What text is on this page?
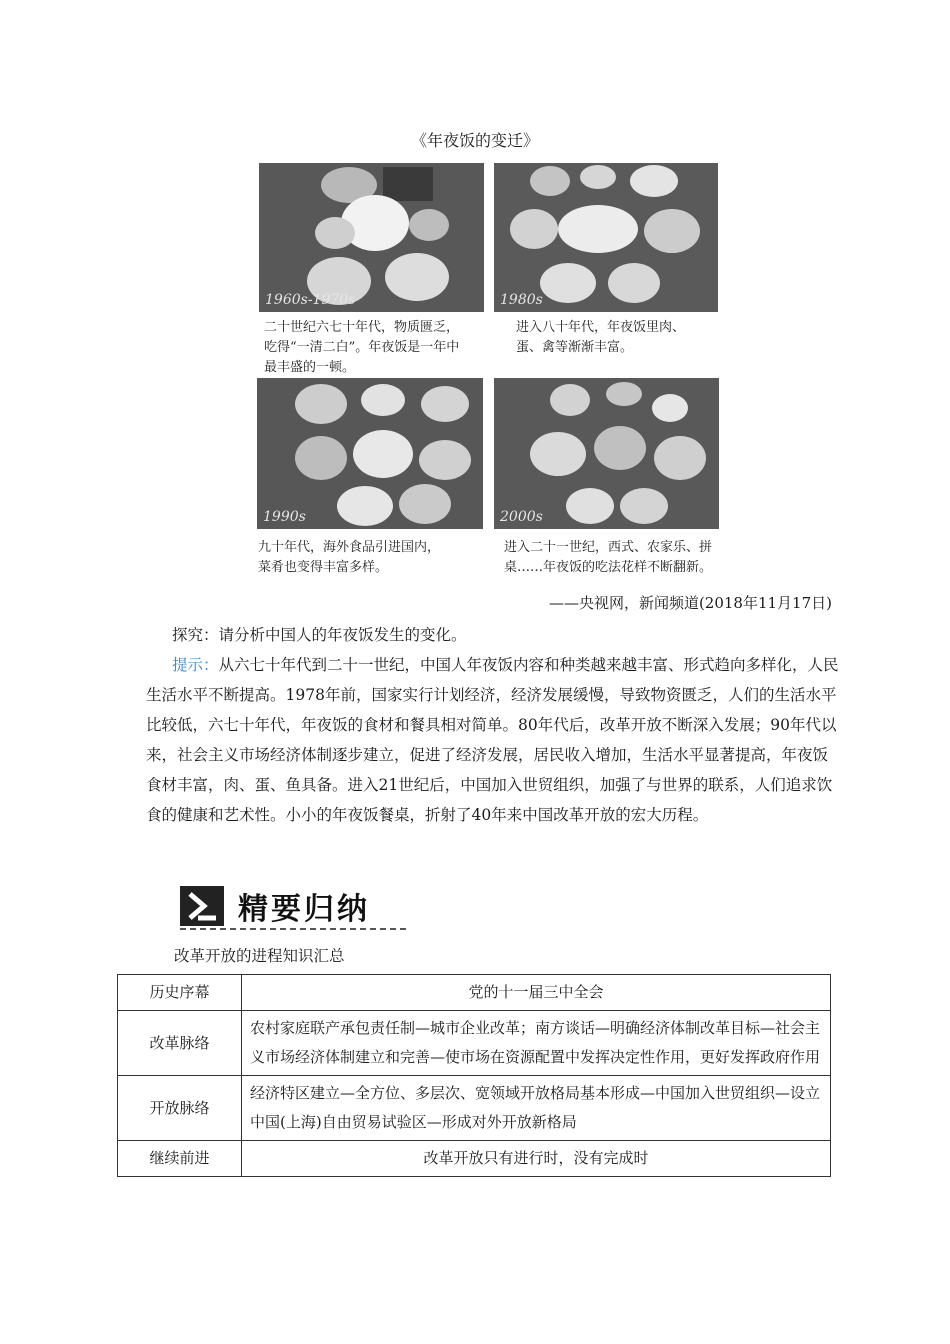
《年夜饭的变迁》
1960s-1970s	1980s
二十世纪六七十年代，物质匮乏，吃得“一清二白”。年夜饭是一年中最丰盛的一顿。
进入八十年代，年夜饭里肉、蛋、禽等渐渐丰富。
1990s	2000s
九十年代，海外食品引进国内，菜肴也变得丰富多样。
进入二十一世纪，西式、农家乐、拼桌……年夜饭的吃法花样不断翻新。
——央视网，新闻频道(2018年11月17日)
探究：请分析中国人的年夜饭发生的变化。
提示：从六七十年代到二十一世纪，中国人年夜饭内容和种类越来越丰富、形式趋向多样化，人民生活水平不断提高。1978年前，国家实行计划经济，经济发展缓慢，导致物资匮乏，人们的生活水平比较低，六七十年代，年夜饭的食材和餐具相对简单。80年代后，改革开放不断深入发展；90年代以来，社会主义市场经济体制逐步建立，促进了经济发展，居民收入增加，生活水平显著提高，年夜饭食材丰富，肉、蛋、鱼具备。进入21世纪后，中国加入世贸组织，加强了与世界的联系，人们追求饮食的健康和艺术性。小小的年夜饭餐桌，折射了40年来中国改革开放的宏大历程。
精要归纳
改革开放的进程知识汇总
历史序幕	党的十一届三中全会
改革脉络	农村家庭联产承包责任制—城市企业改革；南方谈话—明确经济体制改革目标—社会主义市场经济体制建立和完善—使市场在资源配置中发挥决定性作用，更好发挥政府作用
开放脉络	经济特区建立—全方位、多层次、宽领域开放格局基本形成—中国加入世贸组织—设立中国(上海)自由贸易试验区—形成对外开放新格局
继续前进	改革开放只有进行时，没有完成时
